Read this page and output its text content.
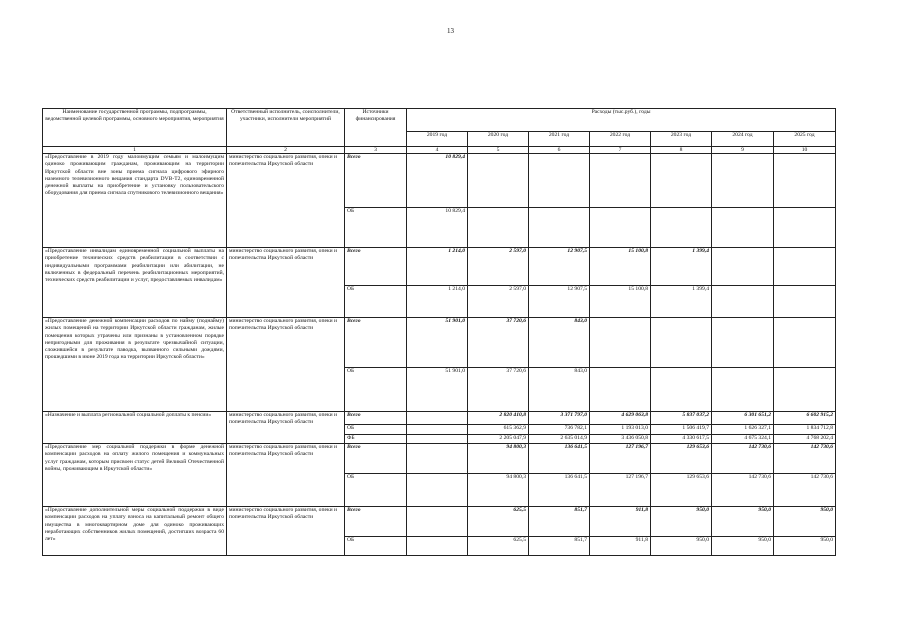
13
Наименование государственной программы, подпрограммы, ведомственной целевой программы, основного мероприятия, мероприятия	Ответственный исполнитель, соисполнители, участники, исполнители мероприятий	Источники финансирования	Расходы (тыс.руб.), годы						
			2019 год	2020 год	2021 год	2022 год	2023 год	2024 год	2025 год
1	2	3	4	5	6	7	8	9	10
«Предоставление в 2019 году малоимущим семьям и малоимущим одиноко проживающим гражданам, проживающим на территории Иркутской области вне зоны приема сигнала цифрового эфирного наземного телевизионного вещания стандарта DVB-T2, единовременной денежной выплаты на приобретение и установку пользовательского оборудования для приема сигнала спутникового телевизионного вещания»	министерство социального развития, опеки и попечительства Иркутской области	Всего	10 829,4						
		ОБ	10 829,4						
«Предоставление инвалидам единовременной социальной выплаты на приобретение технических средств реабилитации в соответствии с индивидуальными программами реабилитации или абилитации, не включенных в федеральный перечень реабилитационных мероприятий, технических средств реабилитации и услуг, предоставляемых инвалидам»	министерство социального развития, опеки и попечительства Иркутской области	Всего	1 214,0	2 597,0	12 907,5	15 100,8	1 399,4		
		ОБ	1 214,0	2 597,0	12 907,5	15 100,8	1 399,4		
«Предоставление денежной компенсации расходов по найму (поднайму) жилых помещений на территории Иркутской области гражданам, жилые помещения которых утрачены или признаны в установленном порядке непригодными для проживания в результате чрезвычайной ситуации, сложившейся в результате паводка, вызванного сильными дождями, прошедшими в июне 2019 года на территории Иркутской области»	министерство социального развития, опеки и попечительства Иркутской области	Всего	51 901,0	37 720,6	843,0				
		ОБ	51 901,0	37 720,6	843,0				
«Назначение и выплата региональной социальной доплаты к пенсии»	министерство социального развития, опеки и попечительства Иркутской области	Всего		2 820 410,8	3 371 797,0	4 629 063,8	5 837 037,2	6 301 651,2	6 602 915,2
		ОБ		615 362,9	736 782,1	1 193 013,0	1 506 419,7	1 626 327,1	1 834 712,8
		ФБ		2 205 047,9	2 635 014,9	3 436 050,8	4 330 617,5	4 675 324,1	4 768 202,4
«Предоставление мер социальной поддержки в форме денежной компенсации расходов на оплату жилого помещения и коммунальных услуг гражданам, которым присвоен статус детей Великой Отечественной войны, проживающим в Иркутской области»	министерство социального развития, опеки и попечительства Иркутской области	Всего		94 800,3	136 641,5	127 196,7	129 653,6	142 730,6	142 730,6
		ОБ		94 800,3	136 641,5	127 196,7	129 653,6	142 730,6	142 730,6
«Предоставление дополнительной меры социальной поддержки в виде компенсации расходов на уплату взноса на капитальный ремонт общего имущества в многоквартирном доме для одиноко проживающих неработающих собственников жилых помещений, достигших возраста 60 лет»	министерство социального развития, опеки и попечительства Иркутской области	Всего		625,5	851,7	911,8	950,0	950,0	950,0
		ОБ		625,5	851,7	911,8	950,0	950,0	950,0
